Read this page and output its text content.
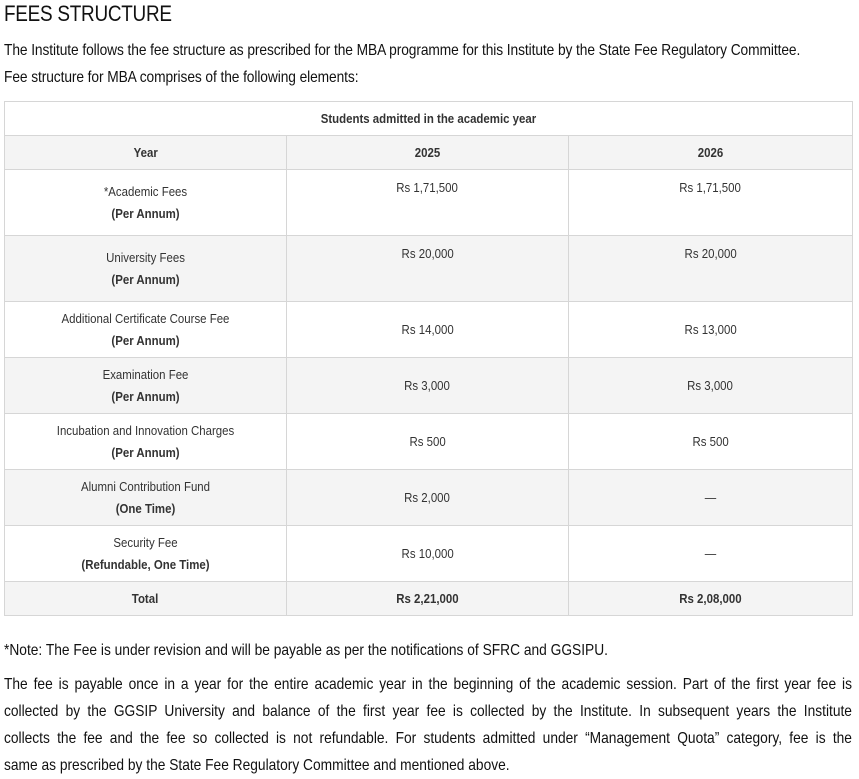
FEES STRUCTURE

The Institute follows the fee structure as prescribed for the MBA programme for this Institute by the State Fee Regulatory Committee.
Fee structure for MBA comprises of the following elements:

Students admitted in the academic year		
Year	2025	2026

*Academic Fees
(Per Annum)	Rs 1,71,500	Rs 1,71,500

University Fees
(Per Annum)	Rs 20,000	Rs 20,000

Additional Certificate Course Fee
(Per Annum)	Rs 14,000	Rs 13,000

Examination Fee
(Per Annum)	Rs 3,000	Rs 3,000

Incubation and Innovation Charges
(Per Annum)	Rs 500	Rs 500

Alumni Contribution Fund
(One Time)	Rs 2,000	—

Security Fee
(Refundable, One Time)	Rs 10,000	—
Total	Rs 2,21,000	Rs 2,08,000

*Note: The Fee is under revision and will be payable as per the notifications of SFRC and GGSIPU.

The fee is payable once in a year for the entire academic year in the beginning of the academic session. Part of the first year fee is
collected by the GGSIP University and balance of the first year fee is collected by the Institute. In subsequent years the Institute
collects the fee and the fee so collected is not refundable. For students admitted under “Management Quota” category, fee is the
same as prescribed by the State Fee Regulatory Committee and mentioned above.
